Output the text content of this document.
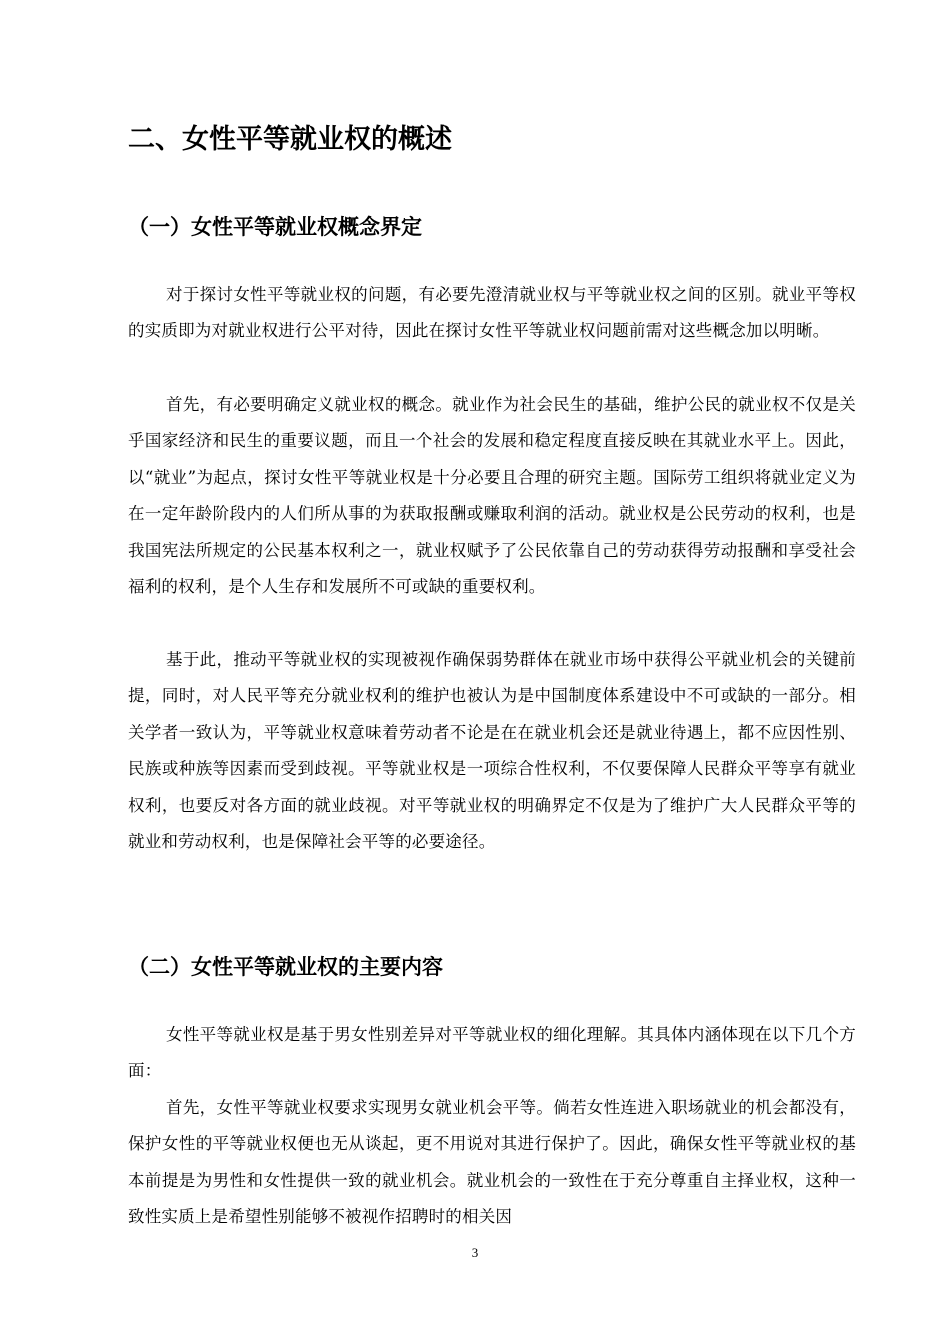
二、女性平等就业权的概述
（一）女性平等就业权概念界定

对于探讨女性平等就业权的问题，有必要先澄清就业权与平等就业权之间的区别。就业平等权的实质即为对就业权进行公平对待，因此在探讨女性平等就业权问题前需对这些概念加以明晰。

首先，有必要明确定义就业权的概念。就业作为社会民生的基础，维护公民的就业权不仅是关乎国家经济和民生的重要议题，而且一个社会的发展和稳定程度直接反映在其就业水平上。因此，以“就业”为起点，探讨女性平等就业权是十分必要且合理的研究主题。国际劳工组织将就业定义为在一定年龄阶段内的人们所从事的为获取报酬或赚取利润的活动。就业权是公民劳动的权利，也是我国宪法所规定的公民基本权利之一，就业权赋予了公民依靠自己的劳动获得劳动报酬和享受社会福利的权利，是个人生存和发展所不可或缺的重要权利。

基于此，推动平等就业权的实现被视作确保弱势群体在就业市场中获得公平就业机会的关键前提，同时，对人民平等充分就业权利的维护也被认为是中国制度体系建设中不可或缺的一部分。相关学者一致认为，平等就业权意味着劳动者不论是在在就业机会还是就业待遇上，都不应因性别、民族或种族等因素而受到歧视。平等就业权是一项综合性权利，不仅要保障人民群众平等享有就业权利，也要反对各方面的就业歧视。对平等就业权的明确界定不仅是为了维护广大人民群众平等的就业和劳动权利，也是保障社会平等的必要途径。

（二）女性平等就业权的主要内容

女性平等就业权是基于男女性别差异对平等就业权的细化理解。其具体内涵体现在以下几个方面：

首先，女性平等就业权要求实现男女就业机会平等。倘若女性连进入职场就业的机会都没有，保护女性的平等就业权便也无从谈起，更不用说对其进行保护了。因此，确保女性平等就业权的基本前提是为男性和女性提供一致的就业机会。就业机会的一致性在于充分尊重自主择业权，这种一致性实质上是希望性别能够不被视作招聘时的相关因

3
